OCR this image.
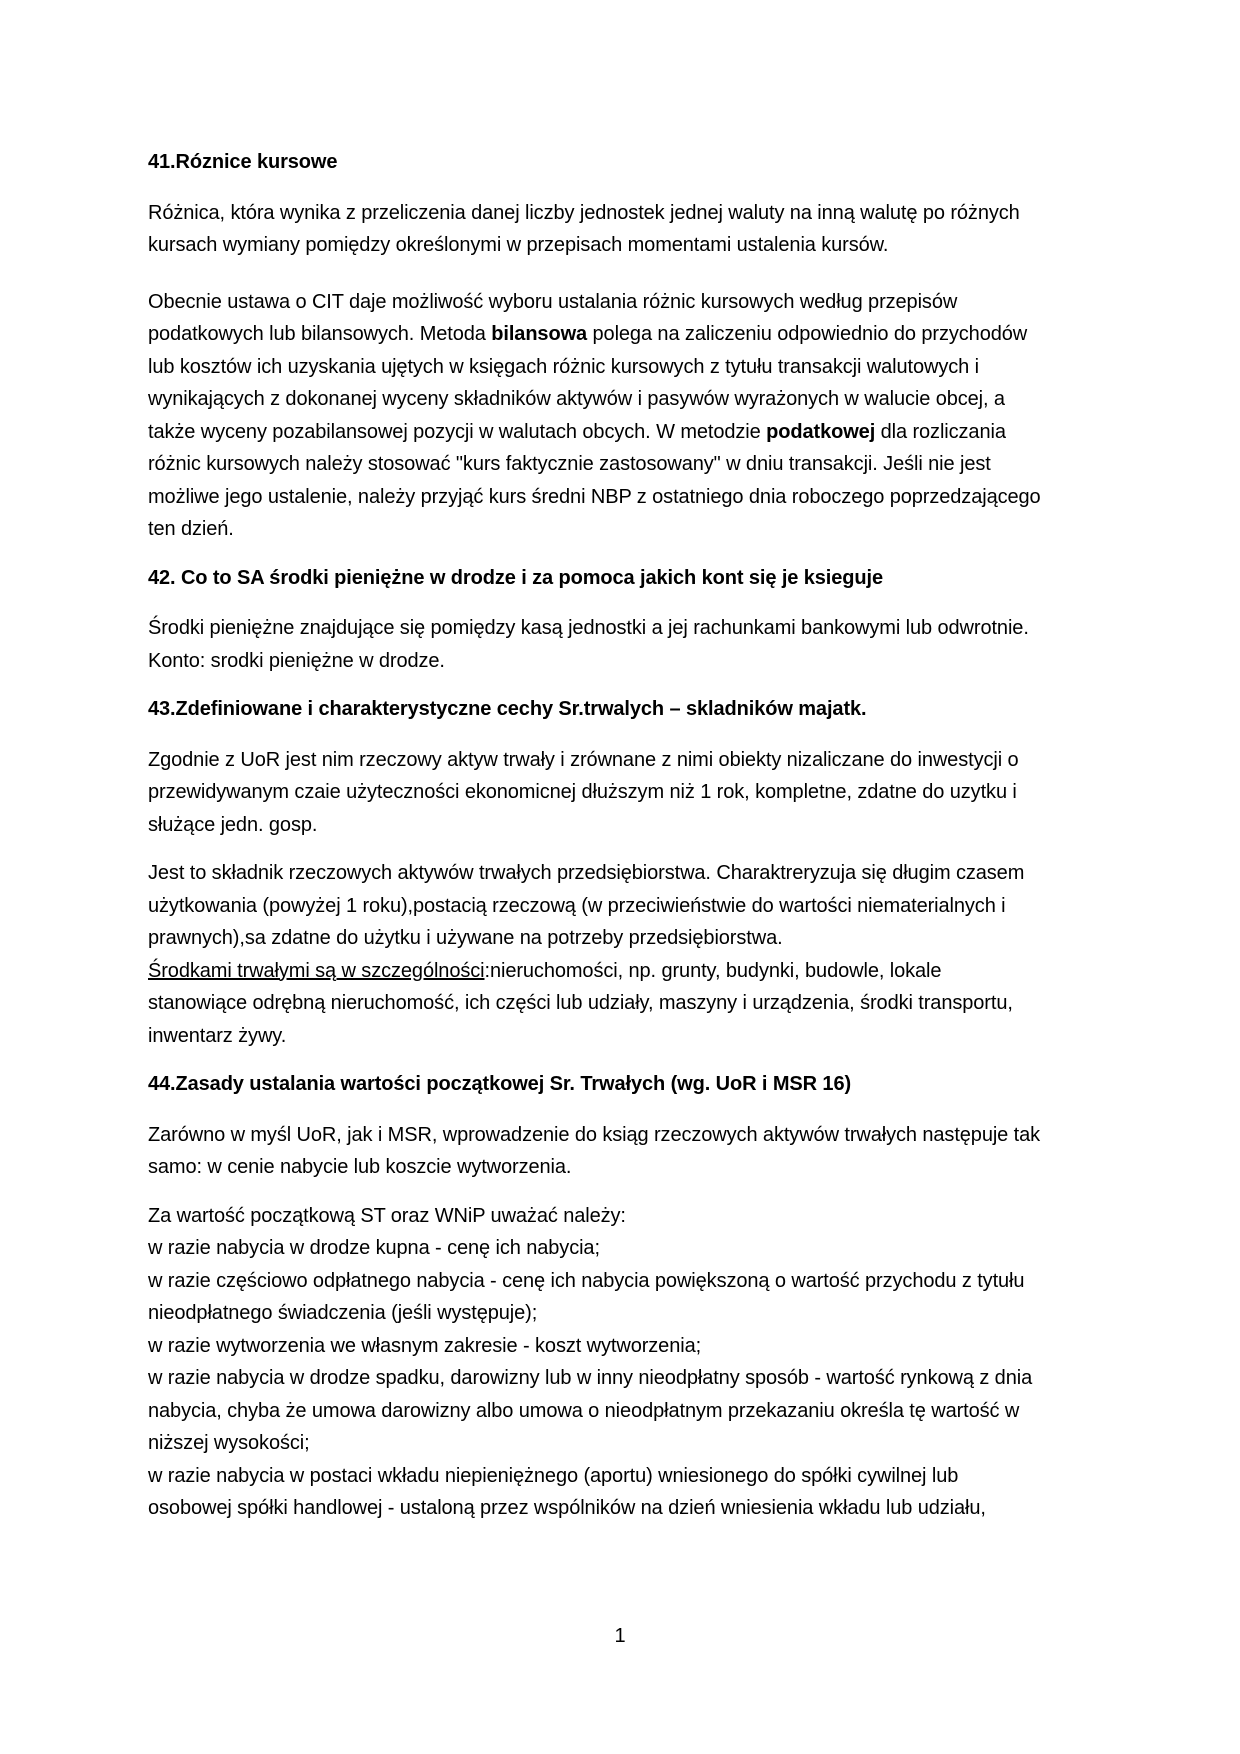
41.Róznice kursowe
Różnica, która wynika z przeliczenia danej liczby jednostek jednej waluty na inną walutę po różnych
kursach wymiany pomiędzy określonymi w przepisach momentami ustalenia kursów.
Obecnie ustawa o CIT daje możliwość wyboru ustalania różnic kursowych według przepisów
podatkowych lub bilansowych. Metoda bilansowa polega na zaliczeniu odpowiednio do przychodów
lub kosztów ich uzyskania ujętych w księgach różnic kursowych z tytułu transakcji walutowych i
wynikających z dokonanej wyceny składników aktywów i pasywów wyrażonych w walucie obcej, a
także wyceny pozabilansowej pozycji w walutach obcych. W metodzie podatkowej dla rozliczania
różnic kursowych należy stosować "kurs faktycznie zastosowany" w dniu transakcji. Jeśli nie jest
możliwe jego ustalenie, należy przyjąć kurs średni NBP z ostatniego dnia roboczego poprzedzającego
ten dzień.
42. Co to SA środki pieniężne w drodze i za pomoca jakich kont się je ksieguje
Środki pieniężne znajdujące się pomiędzy kasą jednostki a jej rachunkami bankowymi lub odwrotnie.
Konto: srodki pieniężne w drodze.
43.Zdefiniowane i charakterystyczne cechy Sr.trwalych – skladników majatk.
Zgodnie z UoR jest nim rzeczowy aktyw trwały i zrównane z nimi obiekty nizaliczane do inwestycji o
przewidywanym czaie użyteczności ekonomicnej dłuższym niż 1 rok, kompletne, zdatne do uzytku i
służące jedn. gosp.
Jest to składnik rzeczowych aktywów trwałych przedsiębiorstwa. Charaktreryzuja się długim czasem
użytkowania (powyżej 1 roku),postacią rzeczową (w przeciwieństwie do wartości niematerialnych i
prawnych),sa zdatne do użytku i używane na potrzeby przedsiębiorstwa.
Środkami trwałymi są w szczególności:nieruchomości, np. grunty, budynki, budowle, lokale
stanowiące odrębną nieruchomość, ich części lub udziały, maszyny i urządzenia, środki transportu,
inwentarz żywy.
44.Zasady ustalania wartości początkowej Sr. Trwałych (wg. UoR i MSR 16)
Zarówno w myśl UoR, jak i MSR, wprowadzenie do ksiąg rzeczowych aktywów trwałych następuje tak
samo: w cenie nabycie lub koszcie wytworzenia.
Za wartość początkową ST oraz WNiP uważać należy:
w razie nabycia w drodze kupna - cenę ich nabycia;
w razie częściowo odpłatnego nabycia - cenę ich nabycia powiększoną o wartość przychodu z tytułu
nieodpłatnego świadczenia (jeśli występuje);
w razie wytworzenia we własnym zakresie - koszt wytworzenia;
w razie nabycia w drodze spadku, darowizny lub w inny nieodpłatny sposób - wartość rynkową z dnia
nabycia, chyba że umowa darowizny albo umowa o nieodpłatnym przekazaniu określa tę wartość w
niższej wysokości;
w razie nabycia w postaci wkładu niepieniężnego (aportu) wniesionego do spółki cywilnej lub
osobowej spółki handlowej - ustaloną przez wspólników na dzień wniesienia wkładu lub udziału,
1
